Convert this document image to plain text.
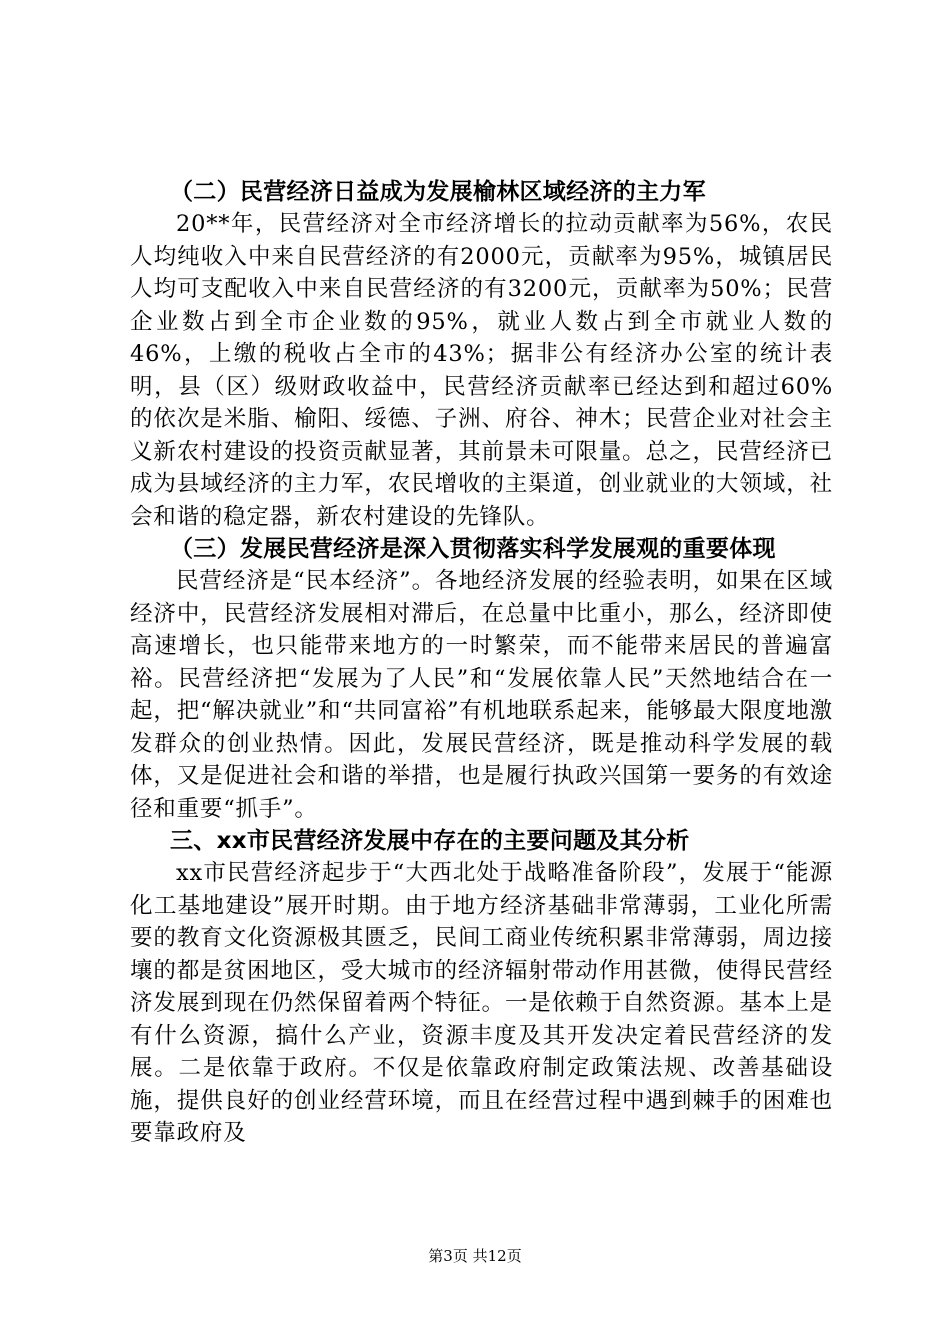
（二）民营经济日益成为发展榆林区域经济的主力军

20**年，民营经济对全市经济增长的拉动贡献率为56%，农民人均纯收入中来自民营经济的有2000元，贡献率为95%，城镇居民人均可支配收入中来自民营经济的有3200元，贡献率为50%；民营企业数占到全市企业数的95%，就业人数占到全市就业人数的46%，上缴的税收占全市的43%；据非公有经济办公室的统计表明，县（区）级财政收益中，民营经济贡献率已经达到和超过60%的依次是米脂、榆阳、绥德、子洲、府谷、神木；民营企业对社会主义新农村建设的投资贡献显著，其前景未可限量。总之，民营经济已成为县域经济的主力军，农民增收的主渠道，创业就业的大领域，社会和谐的稳定器，新农村建设的先锋队。

（三）发展民营经济是深入贯彻落实科学发展观的重要体现

民营经济是“民本经济”。各地经济发展的经验表明，如果在区域经济中，民营经济发展相对滞后，在总量中比重小，那么，经济即使高速增长，也只能带来地方的一时繁荣，而不能带来居民的普遍富裕。民营经济把“发展为了人民”和“发展依靠人民”天然地结合在一起，把“解决就业”和“共同富裕”有机地联系起来，能够最大限度地激发群众的创业热情。因此，发展民营经济，既是推动科学发展的载体，又是促进社会和谐的举措，也是履行执政兴国第一要务的有效途径和重要“抓手”。

三、xx市民营经济发展中存在的主要问题及其分析

xx市民营经济起步于“大西北处于战略准备阶段”，发展于“能源化工基地建设”展开时期。由于地方经济基础非常薄弱，工业化所需要的教育文化资源极其匮乏，民间工商业传统积累非常薄弱，周边接壤的都是贫困地区，受大城市的经济辐射带动作用甚微，使得民营经济发展到现在仍然保留着两个特征。一是依赖于自然资源。基本上是有什么资源，搞什么产业，资源丰度及其开发决定着民营经济的发展。二是依靠于政府。不仅是依靠政府制定政策法规、改善基础设施，提供良好的创业经营环境，而且在经营过程中遇到棘手的困难也要靠政府及

第3页 共12页
